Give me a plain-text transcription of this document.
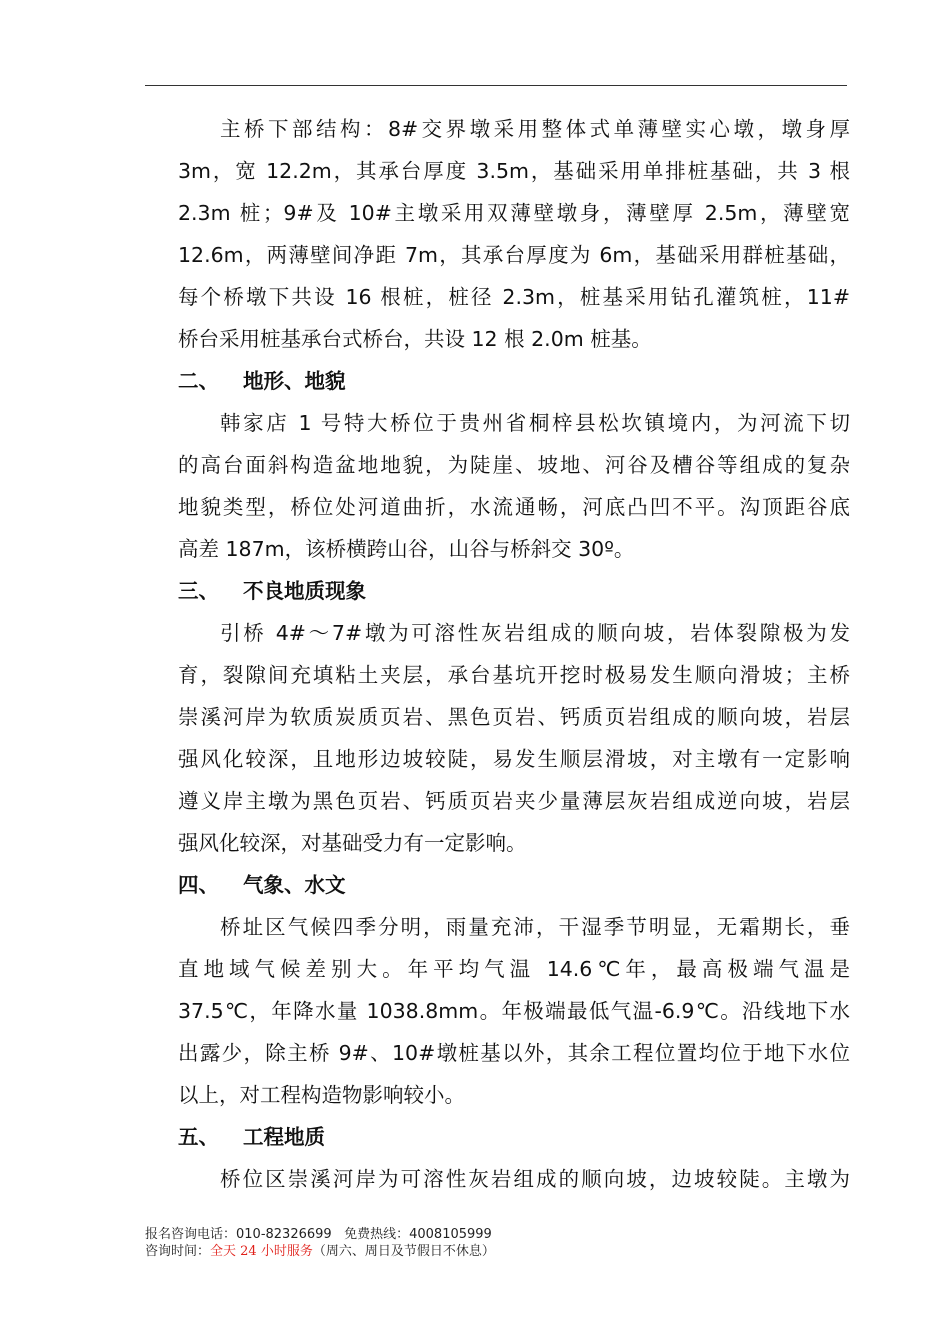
主桥下部结构：8#交界墩采用整体式单薄壁实心墩，墩身厚
3m，宽 12.2m，其承台厚度 3.5m，基础采用单排桩基础，共 3 根
2.3m 桩；9#及 10#主墩采用双薄壁墩身，薄壁厚 2.5m，薄壁宽
12.6m，两薄壁间净距 7m，其承台厚度为 6m，基础采用群桩基础，
每个桥墩下共设 16 根桩，桩径 2.3m，桩基采用钻孔灌筑桩，11#
桥台采用桩基承台式桥台，共设 12 根 2.0m 桩基。
二、 地形、地貌
韩家店 1 号特大桥位于贵州省桐梓县松坎镇境内，为河流下切
的高台面斜构造盆地地貌，为陡崖、坡地、河谷及槽谷等组成的复杂
地貌类型，桥位处河道曲折，水流通畅，河底凸凹不平。沟顶距谷底
高差 187m，该桥横跨山谷，山谷与桥斜交 30º。
三、 不良地质现象
引桥 4#～7#墩为可溶性灰岩组成的顺向坡，岩体裂隙极为发
育，裂隙间充填粘土夹层，承台基坑开挖时极易发生顺向滑坡；主桥
崇溪河岸为软质炭质页岩、黑色页岩、钙质页岩组成的顺向坡，岩层
强风化较深，且地形边坡较陡，易发生顺层滑坡，对主墩有一定影响
遵义岸主墩为黑色页岩、钙质页岩夹少量薄层灰岩组成逆向坡，岩层
强风化较深，对基础受力有一定影响。
四、 气象、水文
桥址区气候四季分明，雨量充沛，干湿季节明显，无霜期长，垂
直地域气候差别大。年平均气温 14.6℃年，最高极端气温是
37.5℃，年降水量 1038.8mm。年极端最低气温-6.9℃。沿线地下水
出露少，除主桥 9#、10#墩桩基以外，其余工程位置均位于地下水位
以上，对工程构造物影响较小。
五、 工程地质
桥位区崇溪河岸为可溶性灰岩组成的顺向坡，边坡较陡。主墩为
报名咨询电话：010-82326699 免费热线：4008105999
咨询时间：全天 24 小时服务（周六、周日及节假日不休息）
